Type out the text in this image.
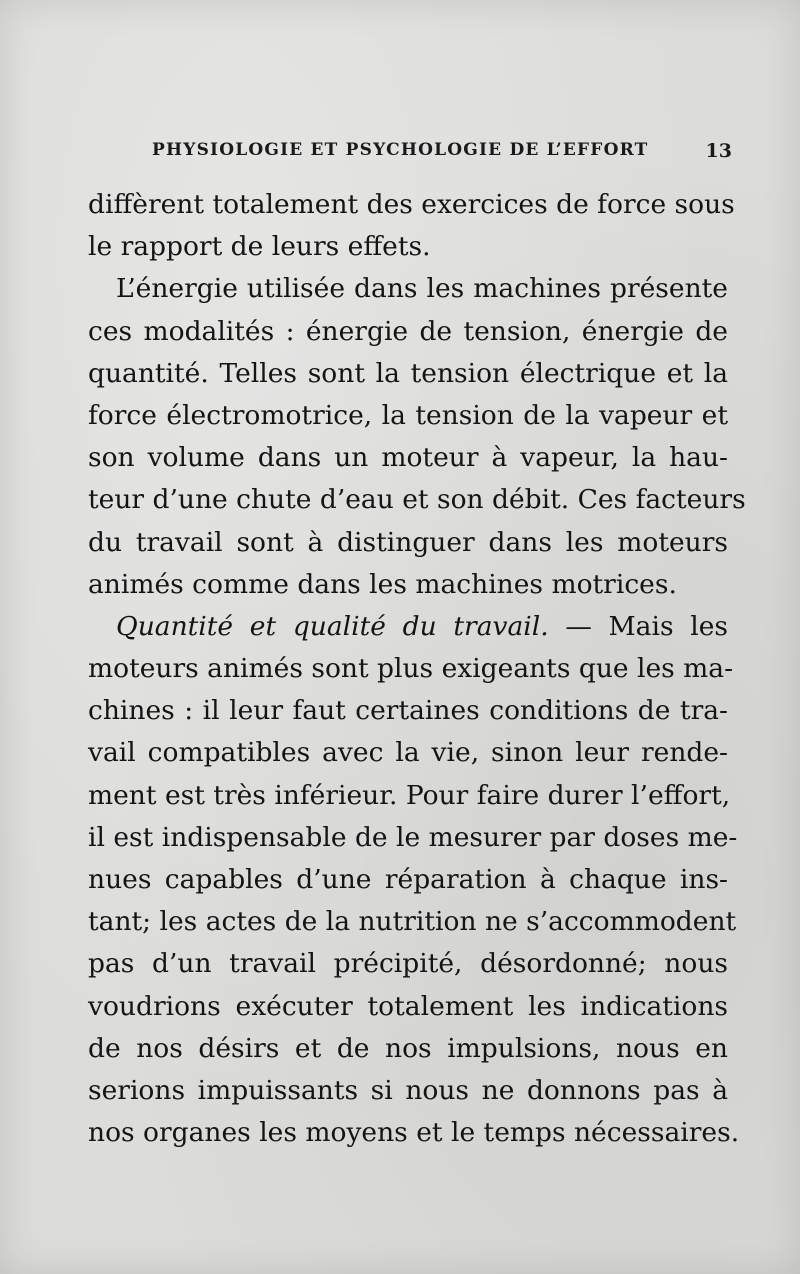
PHYSIOLOGIE ET PSYCHOLOGIE DE L’EFFORT	13
diffèrent totalement des exercices de force sous
le rapport de leurs effets.
L’énergie utilisée dans les machines présente
ces modalités : énergie de tension, énergie de
quantité. Telles sont la tension électrique et la
force électromotrice, la tension de la vapeur et
son volume dans un moteur à vapeur, la hau-
teur d’une chute d’eau et son débit. Ces facteurs
du travail sont à distinguer dans les moteurs
animés comme dans les machines motrices.
Quantité et qualité du travail. — Mais les
moteurs animés sont plus exigeants que les ma-
chines : il leur faut certaines conditions de tra-
vail compatibles avec la vie, sinon leur rende-
ment est très inférieur. Pour faire durer l’effort,
il est indispensable de le mesurer par doses me-
nues capables d’une réparation à chaque ins-
tant; les actes de la nutrition ne s’accommodent
pas d’un travail précipité, désordonné; nous
voudrions exécuter totalement les indications
de nos désirs et de nos impulsions, nous en
serions impuissants si nous ne donnons pas à
nos organes les moyens et le temps nécessaires.
